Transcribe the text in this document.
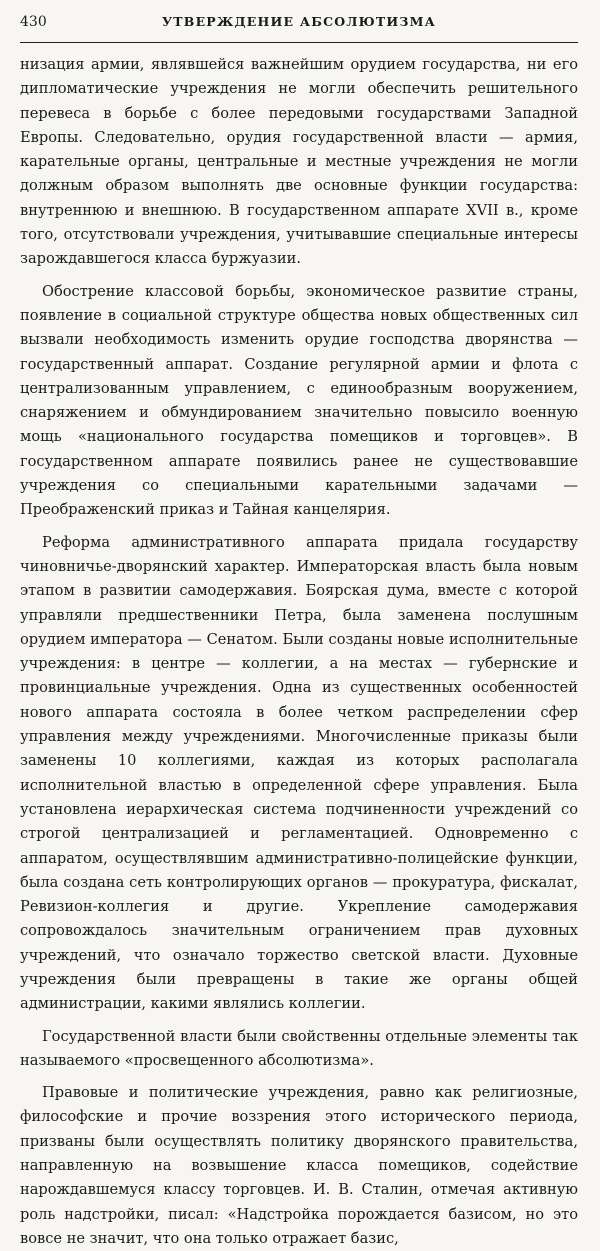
430	УТВЕРЖДЕНИЕ АБСОЛЮТИЗМА

низация армии, являвшейся важнейшим орудием государства, ни его дипломатические учреждения не могли обеспечить решительного перевеса в борьбе с более передовыми государствами Западной Европы. Следовательно, орудия государственной власти — армия, карательные органы, центральные и местные учреждения не могли должным образом выполнять две основные функции государства: внутреннюю и внешнюю. В государственном аппарате XVII в., кроме того, отсутствовали учреждения, учитывавшие специальные интересы зарождавшегося класса буржуазии.

Обострение классовой борьбы, экономическое развитие страны, появление в социальной структуре общества новых общественных сил вызвали необходимость изменить орудие господства дворянства — государственный аппарат. Создание регулярной армии и флота с централизованным управлением, с единообразным вооружением, снаряжением и обмундированием значительно повысило военную мощь «национального государства помещиков и торговцев». В государственном аппарате появились ранее не существовавшие учреждения со специальными карательными задачами — Преображенский приказ и Тайная канцелярия.

Реформа административного аппарата придала государству чиновничье-дворянский характер. Императорская власть была новым этапом в развитии самодержавия. Боярская дума, вместе с которой управляли предшественники Петра, была заменена послушным орудием императора — Сенатом. Были созданы новые исполнительные учреждения: в центре — коллегии, а на местах — губернские и провинциальные учреждения. Одна из существенных особенностей нового аппарата состояла в более четком распределении сфер управления между учреждениями. Многочисленные приказы были заменены 10 коллегиями, каждая из которых располагала исполнительной властью в определенной сфере управления. Была установлена иерархическая система подчиненности учреждений со строгой централизацией и регламентацией. Одновременно с аппаратом, осуществлявшим административно-полицейские функции, была создана сеть контролирующих органов — прокуратура, фискалат, Ревизион-коллегия и другие. Укрепление самодержавия сопровождалось значительным ограничением прав духовных учреждений, что означало торжество светской власти. Духовные учреждения были превращены в такие же органы общей администрации, какими являлись коллегии.

Государственной власти были свойственны отдельные элементы так называемого «просвещенного абсолютизма».

Правовые и политические учреждения, равно как религиозные, философские и прочие воззрения этого исторического периода, призваны были осуществлять политику дворянского правительства, направленную на возвышение класса помещиков, содействие нарождавшемуся классу торговцев. И. В. Сталин, отмечая активную роль надстройки, писал: «Надстройка порождается базисом, но это вовсе не значит, что она только отражает базис,
